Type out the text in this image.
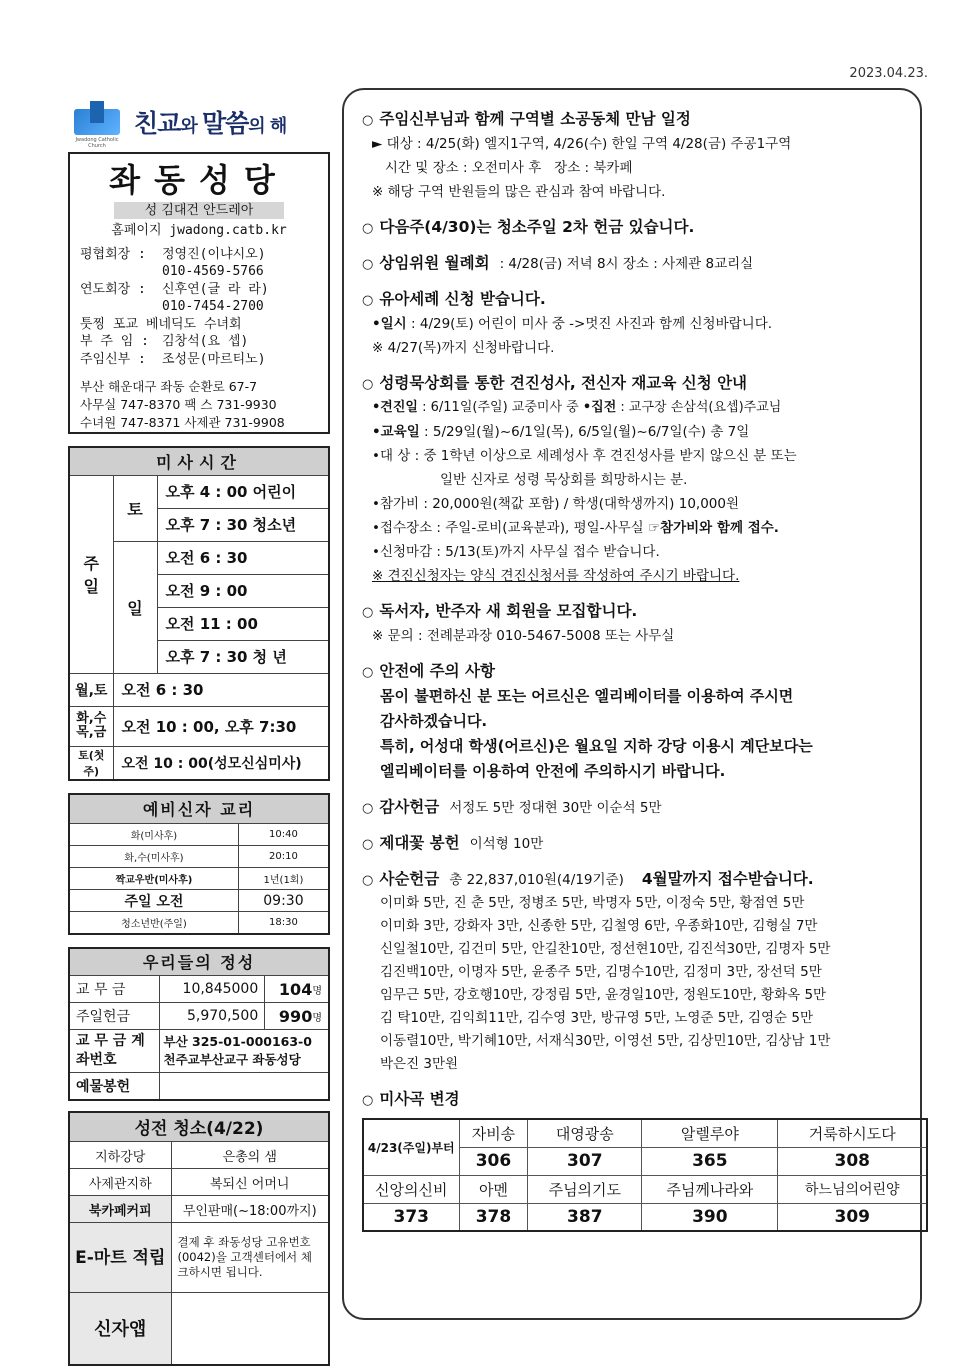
2023.04.23.
Jwadong Catholic Church
친교와 말씀의 해
좌동성당
성 김대건 안드레아
홈페이지 jwadong.catb.kr
평협회장 :	정영진(이냐시오)
010-4569-5766
연도회장 :	신후연(글 라 라)
010-7454-2700
툿찡 포교 베네딕도 수녀회
부 주 임 :	김창석(요 셉)
주임신부 :	조성문(마르티노)
부산 해운대구 좌동 순환로 67-7
사무실 747-8370 팩 스 731-9930
수녀원 747-8371 사제관 731-9908
미사시간		
주일	토	오후 4 : 00 어린이
		오후 7 : 30 청소년
	일	오전 6 : 30
		오전 9 : 00
		오전 11 : 00
		오후 7 : 30 청 년
월,토	오전 6 : 30	
화,수 목,금	오전 10 : 00, 오후 7:30	
토(첫주)	오전 10 : 00(성모신심미사)	
예비신자 교리	
화(미사후)	10:40
화,수(미사후)	20:10
짝교우반(미사후)	1년(1회)
주일 오전	09:30
청소년반(주일)	18:30
우리들의 정성			
교 무 금	10,845000	104	명
주일헌금	5,970,500	990	명
교 무 금 계좌번호	부산 325-01-000163-0 천주교부산교구 좌동성당		
예물봉헌			
성전 청소(4/22)	
지하강당	은총의 샘
사제관지하	복되신 어머니
북카페커피	무인판매(~18:00까지)
E-마트 적립	결제 후 좌동성당 고유번호(0042)을 고객센터에서 체크하시면 됩니다.
신자앱	
○ 주임신부님과 함께 구역별 소공동체 만남 일정
► 대상 : 4/25(화) 엘지1구역, 4/26(수) 한일 구역 4/28(금) 주공1구역
시간 및 장소 : 오전미사 후   장소 : 북카페
※ 해당 구역 반원들의 많은 관심과 참여 바랍니다.
○ 다음주(4/30)는 청소주일 2차 헌금 있습니다.
○ 상임위원 월례회 : 4/28(금) 저녁 8시 장소 : 사제관 8교리실
○ 유아세례 신청 받습니다.
•일시 : 4/29(토) 어린이 미사 중 ->멋진 사진과 함께 신청바랍니다.
※ 4/27(목)까지 신청바랍니다.
○ 성령묵상회를 통한 견진성사, 전신자 재교육 신청 안내
•견진일 : 6/11일(주일) 교중미사 중 •집전 : 교구장 손삼석(요셉)주교님
•교육일 : 5/29일(월)~6/1일(목), 6/5일(월)~6/7일(수) 총 7일
•대 상 : 중 1학년 이상으로 세례성사 후 견진성사를 받지 않으신 분 또는
일반 신자로 성령 묵상회를 희망하시는 분.
•참가비 : 20,000원(책값 포함) / 학생(대학생까지) 10,000원
•접수장소 : 주일-로비(교육분과), 평일-사무실 ☞참가비와 함께 접수.
•신청마감 : 5/13(토)까지 사무실 접수 받습니다.
※ 견진신청자는 양식 견진신청서를 작성하여 주시기 바랍니다.
○ 독서자, 반주자 새 회원을 모집합니다.
※ 문의 : 전례분과장 010-5467-5008 또는 사무실
○ 안전에 주의 사항
몸이 불편하신 분 또는 어르신은 엘리베이터를 이용하여 주시면
감사하겠습니다.
특히, 어성대 학생(어르신)은 월요일 지하 강당 이용시 계단보다는
엘리베이터를 이용하여 안전에 주의하시기 바랍니다.
○ 감사헌금 서정도 5만 정대현 30만 이순석 5만
○ 제대꽃 봉헌 이석형 10만
○ 사순헌금 총 22,837,010원(4/19기준) 4월말까지 접수받습니다.
이미화 5만, 진 춘 5만, 정병조 5만, 박명자 5만, 이정숙 5만, 황점연 5만
이미화 3만, 강화자 3만, 신종한 5만, 김철영 6만, 우종화10만, 김형실 7만
신일철10만, 김건미 5만, 안길찬10만, 정선현10만, 김진석30만, 김명자 5만
김진백10만, 이명자 5만, 윤종주 5만, 김명수10만, 김정미 3만, 장선덕 5만
임무근 5만, 강호행10만, 강정림 5만, 윤경일10만, 정원도10만, 황화옥 5만
김 탁10만, 김익희11만, 김수영 3만, 방규영 5만, 노영준 5만, 김영순 5만
이동렬10만, 박기혜10만, 서재식30만, 이영선 5만, 김상민10만, 김상남 1만
박은진 3만원
○ 미사곡 변경
4/23(주일)부터	자비송	대영광송	알렐루야	거룩하시도다
	306	307	365	308
신앙의신비	아멘	주님의기도	주님께나라와	하느님의어린양
373	378	387	390	309
